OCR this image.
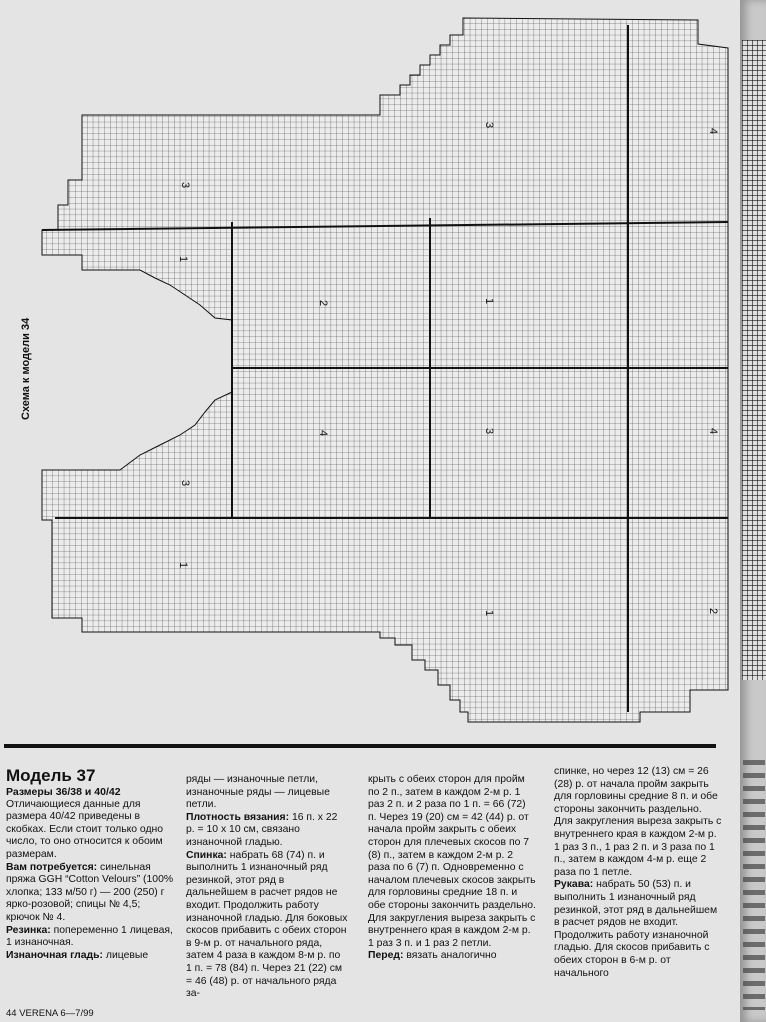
3
3
4
1
2	1
4	3	4
3
1
1	2
Схема к модели 34

Модель 37

Размеры 36/38 и 40/42

Отличающиеся данные для размера 40/42 приведены в скобках. Если стоит только одно число, то оно относится к обоим размерам.

Вам потребуется: синельная пряжа GGH “Cotton Velours” (100% хлопка; 133 м/50 г) — 200 (250) г ярко-розовой; спицы № 4,5; крючок № 4.

Резинка: попеременно 1 лицевая, 1 изнаночная.

Изнаночная гладь: лицевые

ряды — изнаночные петли, изнаночные ряды — лицевые петли.

Плотность вязания: 16 п. х 22 р. = 10 х 10 см, связано изнаночной гладью.

Спинка: набрать 68 (74) п. и выполнить 1 изнаночный ряд резинкой, этот ряд в дальнейшем в расчет рядов не входит. Продолжить работу изнаночной гладью. Для боковых скосов прибавить с обеих сторон в 9-м р. от начального ряда, затем 4 раза в каждом 8-м р. по 1 п. = 78 (84) п. Через 21 (22) см = 46 (48) р. от начального ряда за-

крыть с обеих сторон для пройм по 2 п., затем в каждом 2-м р. 1 раз 2 п. и 2 раза по 1 п. = 66 (72) п. Через 19 (20) см = 42 (44) р. от начала пройм закрыть с обеих сторон для плечевых скосов по 7 (8) п., затем в каждом 2-м р. 2 раза по 6 (7) п. Одновременно с началом плечевых скосов закрыть для горловины средние 18 п. и обе стороны закончить раздельно. Для закругления выреза закрыть с внутреннего края в каждом 2-м р. 1 раз 3 п. и 1 раз 2 петли.

Перед: вязать аналогично

спинке, но через 12 (13) см = 26 (28) р. от начала пройм закрыть для горловины средние 8 п. и обе стороны закончить раздельно. Для закругления выреза закрыть с внутреннего края в каждом 2-м р. 1 раз 3 п., 1 раз 2 п. и 3 раза по 1 п., затем в каждом 4-м р. еще 2 раза по 1 петле.

Рукава: набрать 50 (53) п. и выполнить 1 изнаночный ряд резинкой, этот ряд в дальнейшем в расчет рядов не входит. Продолжить работу изнаночной гладью. Для скосов прибавить с обеих сторон в 6-м р. от начального

44 VERENA 6—7/99
